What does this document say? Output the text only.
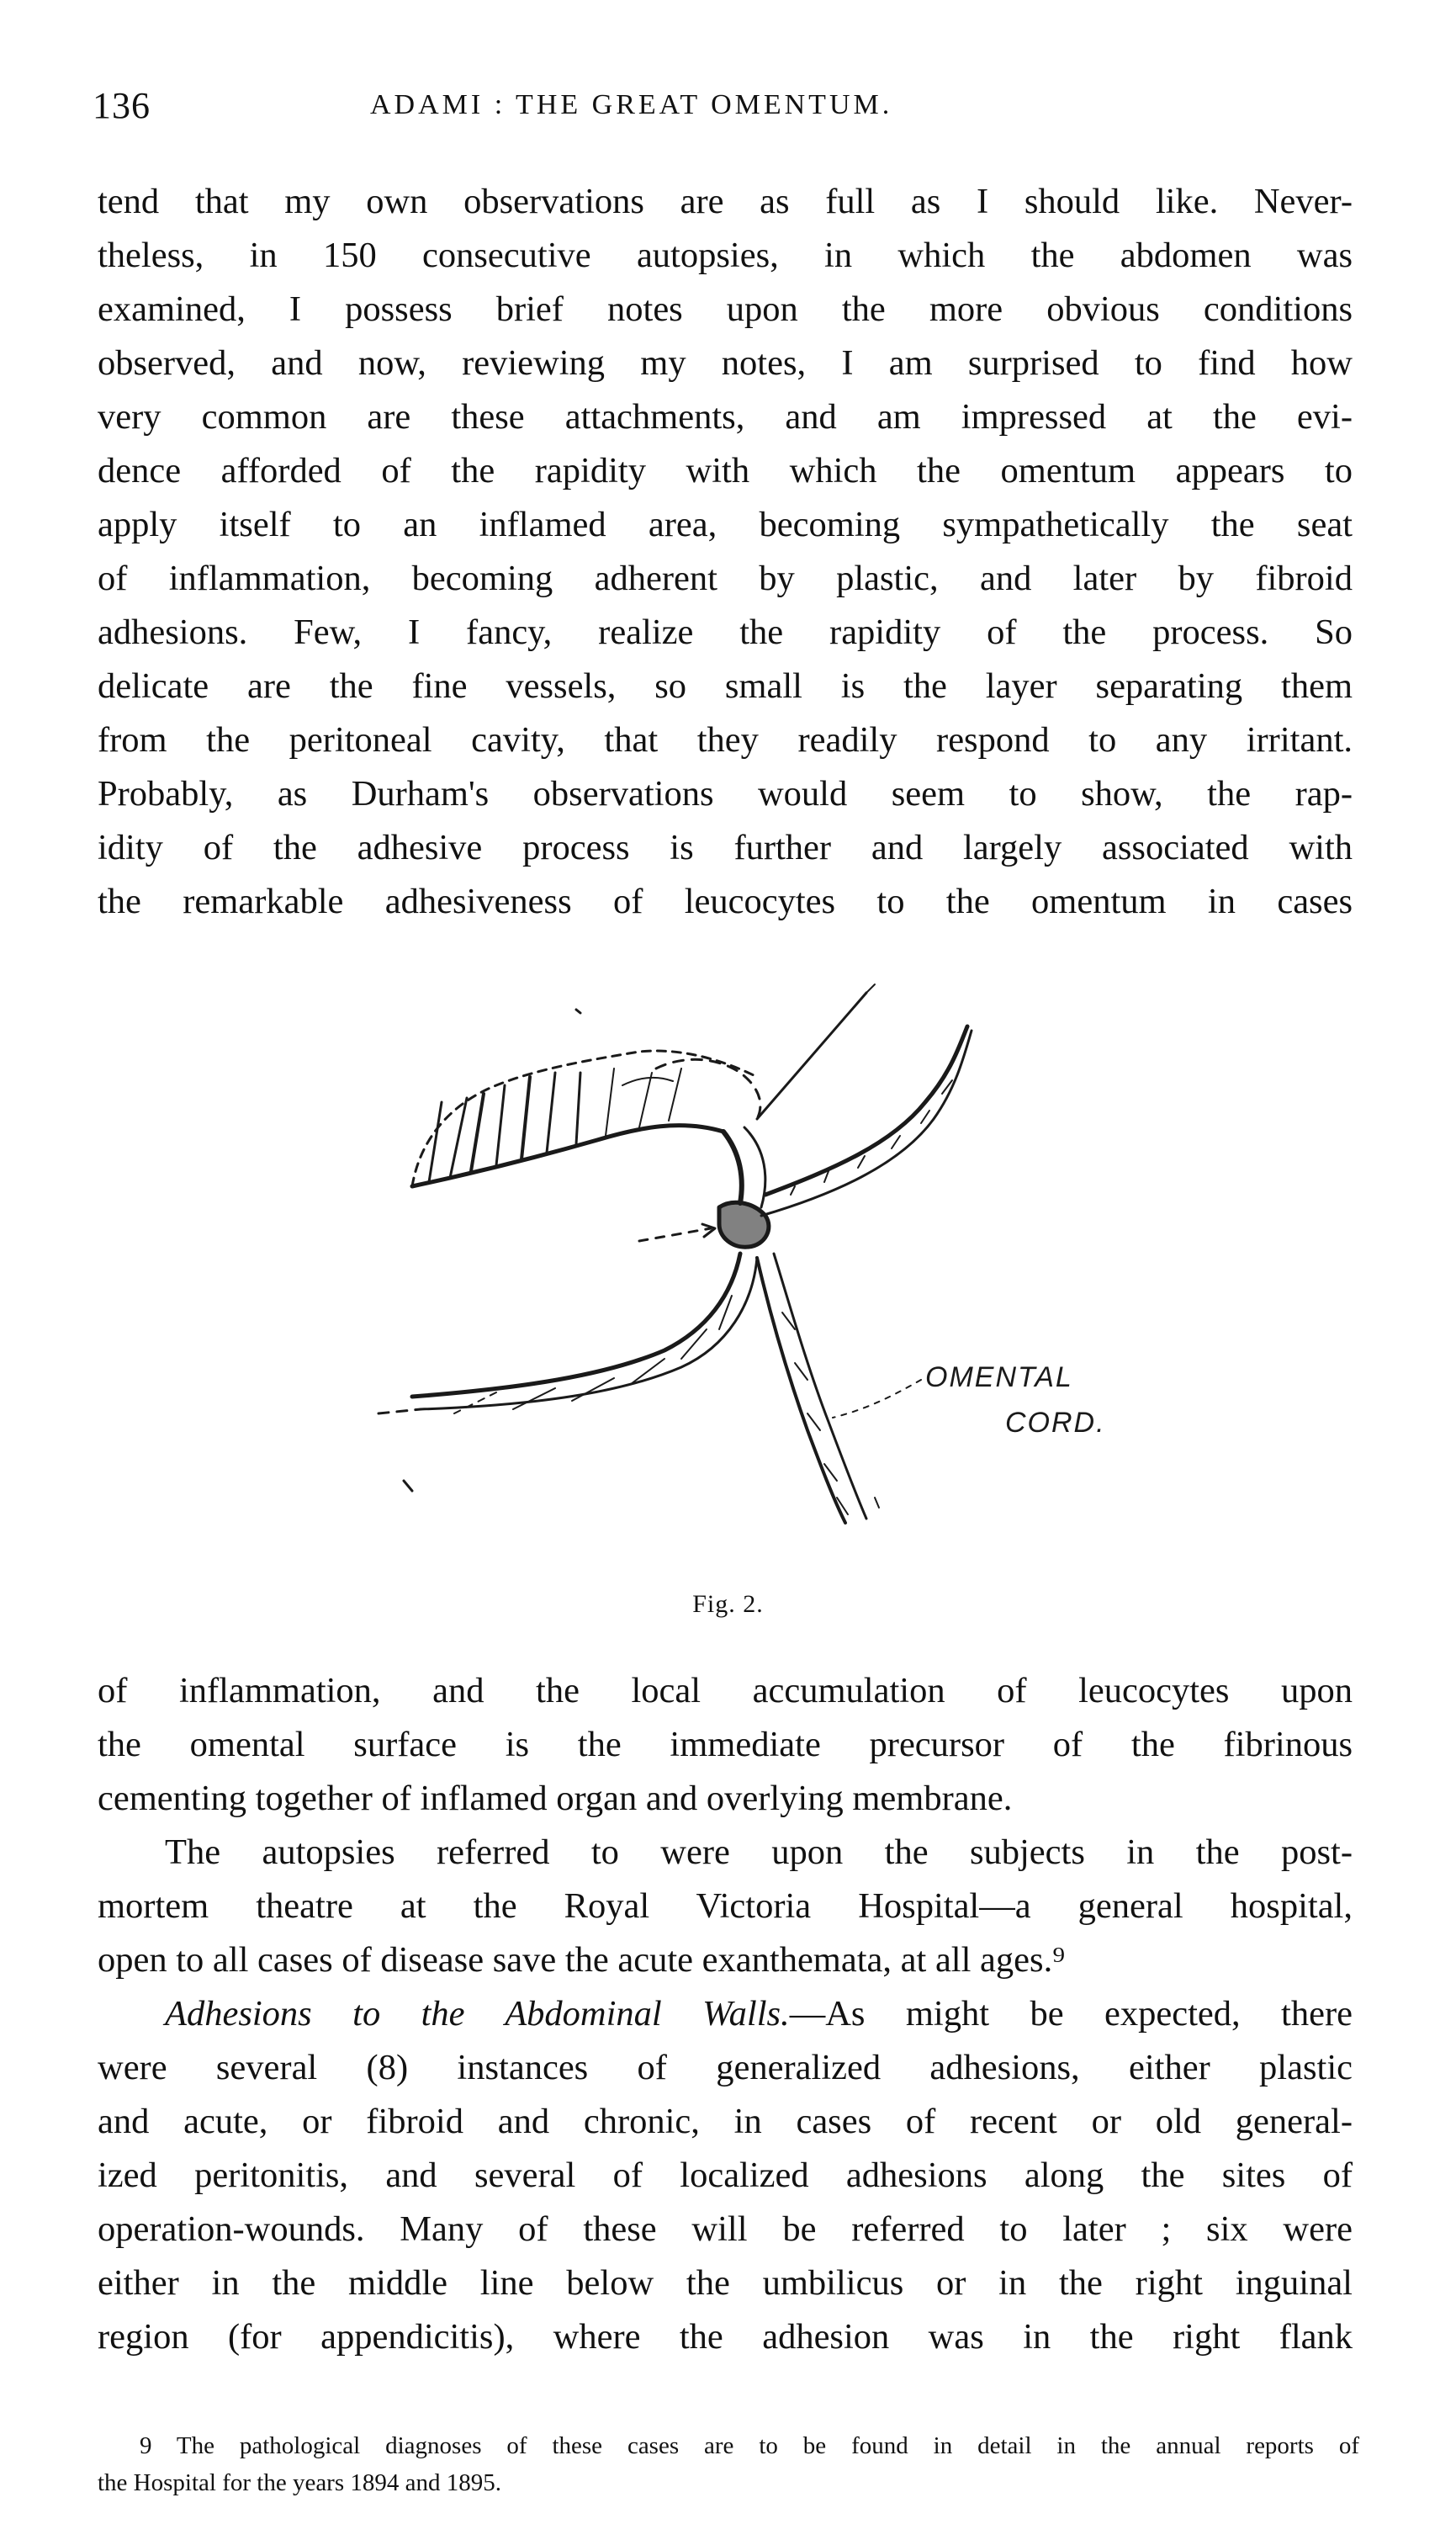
136	ADAMI : THE GREAT OMENTUM.
tend that my own observations are as full as I should like. Never-
theless, in 150 consecutive autopsies, in which the abdomen was
examined, I possess brief notes upon the more obvious conditions
observed, and now, reviewing my notes, I am surprised to find how
very common are these attachments, and am impressed at the evi-
dence afforded of the rapidity with which the omentum appears to
apply itself to an inflamed area, becoming sympathetically the seat
of inflammation, becoming adherent by plastic, and later by fibroid
adhesions. Few, I fancy, realize the rapidity of the process. So
delicate are the fine vessels, so small is the layer separating them
from the peritoneal cavity, that they readily respond to any irritant.
Probably, as Durham's observations would seem to show, the rap-
idity of the adhesive process is further and largely associated with
the remarkable adhesiveness of leucocytes to the omentum in cases
OMENTAL
CORD.
Fig. 2.
of inflammation, and the local accumulation of leucocytes upon
the omental surface is the immediate precursor of the fibrinous
cementing together of inflamed organ and overlying membrane.
The autopsies referred to were upon the subjects in the post-
mortem theatre at the Royal Victoria Hospital—a general hospital,
open to all cases of disease save the acute exanthemata, at all ages.⁹
Adhesions to the Abdominal Walls.—As might be expected, there
were several (8) instances of generalized adhesions, either plastic
and acute, or fibroid and chronic, in cases of recent or old general-
ized peritonitis, and several of localized adhesions along the sites of
operation-wounds. Many of these will be referred to later ; six were
either in the middle line below the umbilicus or in the right inguinal
region (for appendicitis), where the adhesion was in the right flank
9 The pathological diagnoses of these cases are to be found in detail in the annual reports of
the Hospital for the years 1894 and 1895.
